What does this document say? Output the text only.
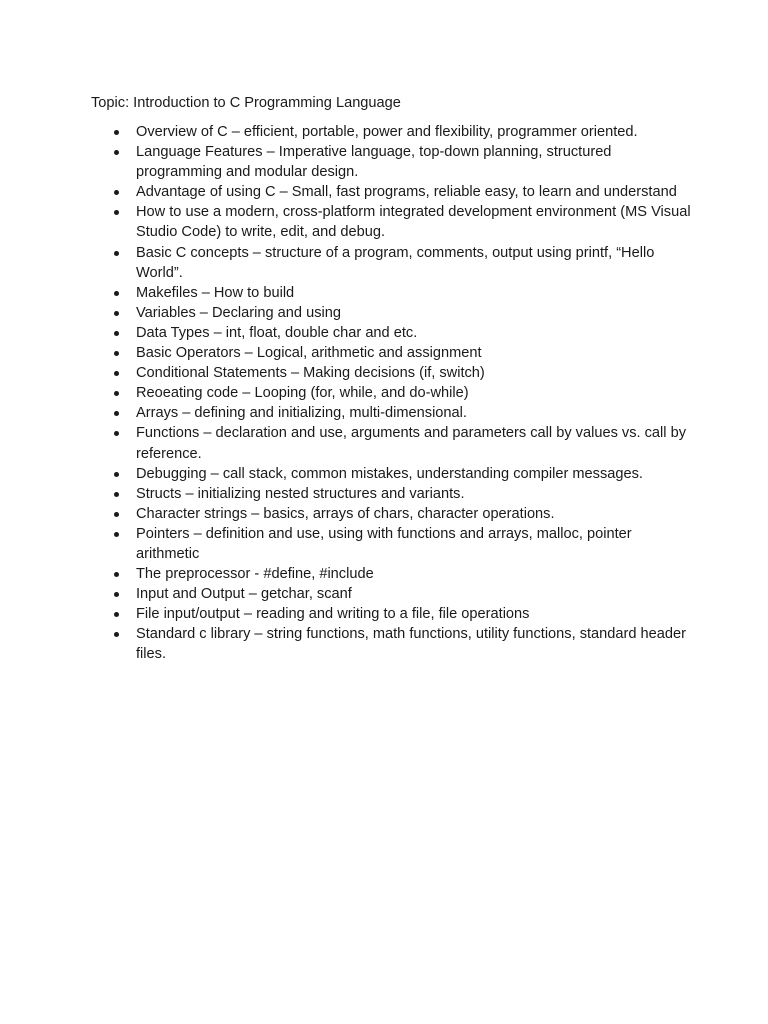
Topic: Introduction to C Programming Language
Overview of C – efficient, portable, power and flexibility, programmer oriented.
Language Features – Imperative language, top-down planning, structured programming and modular design.
Advantage of using C – Small, fast programs, reliable easy, to learn and understand
How to use a modern, cross-platform integrated development environment (MS Visual Studio Code) to write, edit, and debug.
Basic C concepts – structure of a program, comments, output using printf, “Hello World”.
Makefiles – How to build
Variables – Declaring and using
Data Types – int, float, double char and etc.
Basic Operators – Logical, arithmetic and assignment
Conditional Statements – Making decisions (if, switch)
Reoeating code – Looping (for, while, and do-while)
Arrays – defining and initializing, multi-dimensional.
Functions – declaration and use, arguments and parameters call by values vs. call by reference.
Debugging – call stack, common mistakes, understanding compiler messages.
Structs – initializing nested structures and variants.
Character strings – basics, arrays of chars, character operations.
Pointers – definition and use, using with functions and arrays, malloc, pointer arithmetic
The preprocessor - #define, #include
Input and Output – getchar, scanf
File input/output – reading and writing to a file, file operations
Standard c library – string functions, math functions, utility functions, standard header files.
